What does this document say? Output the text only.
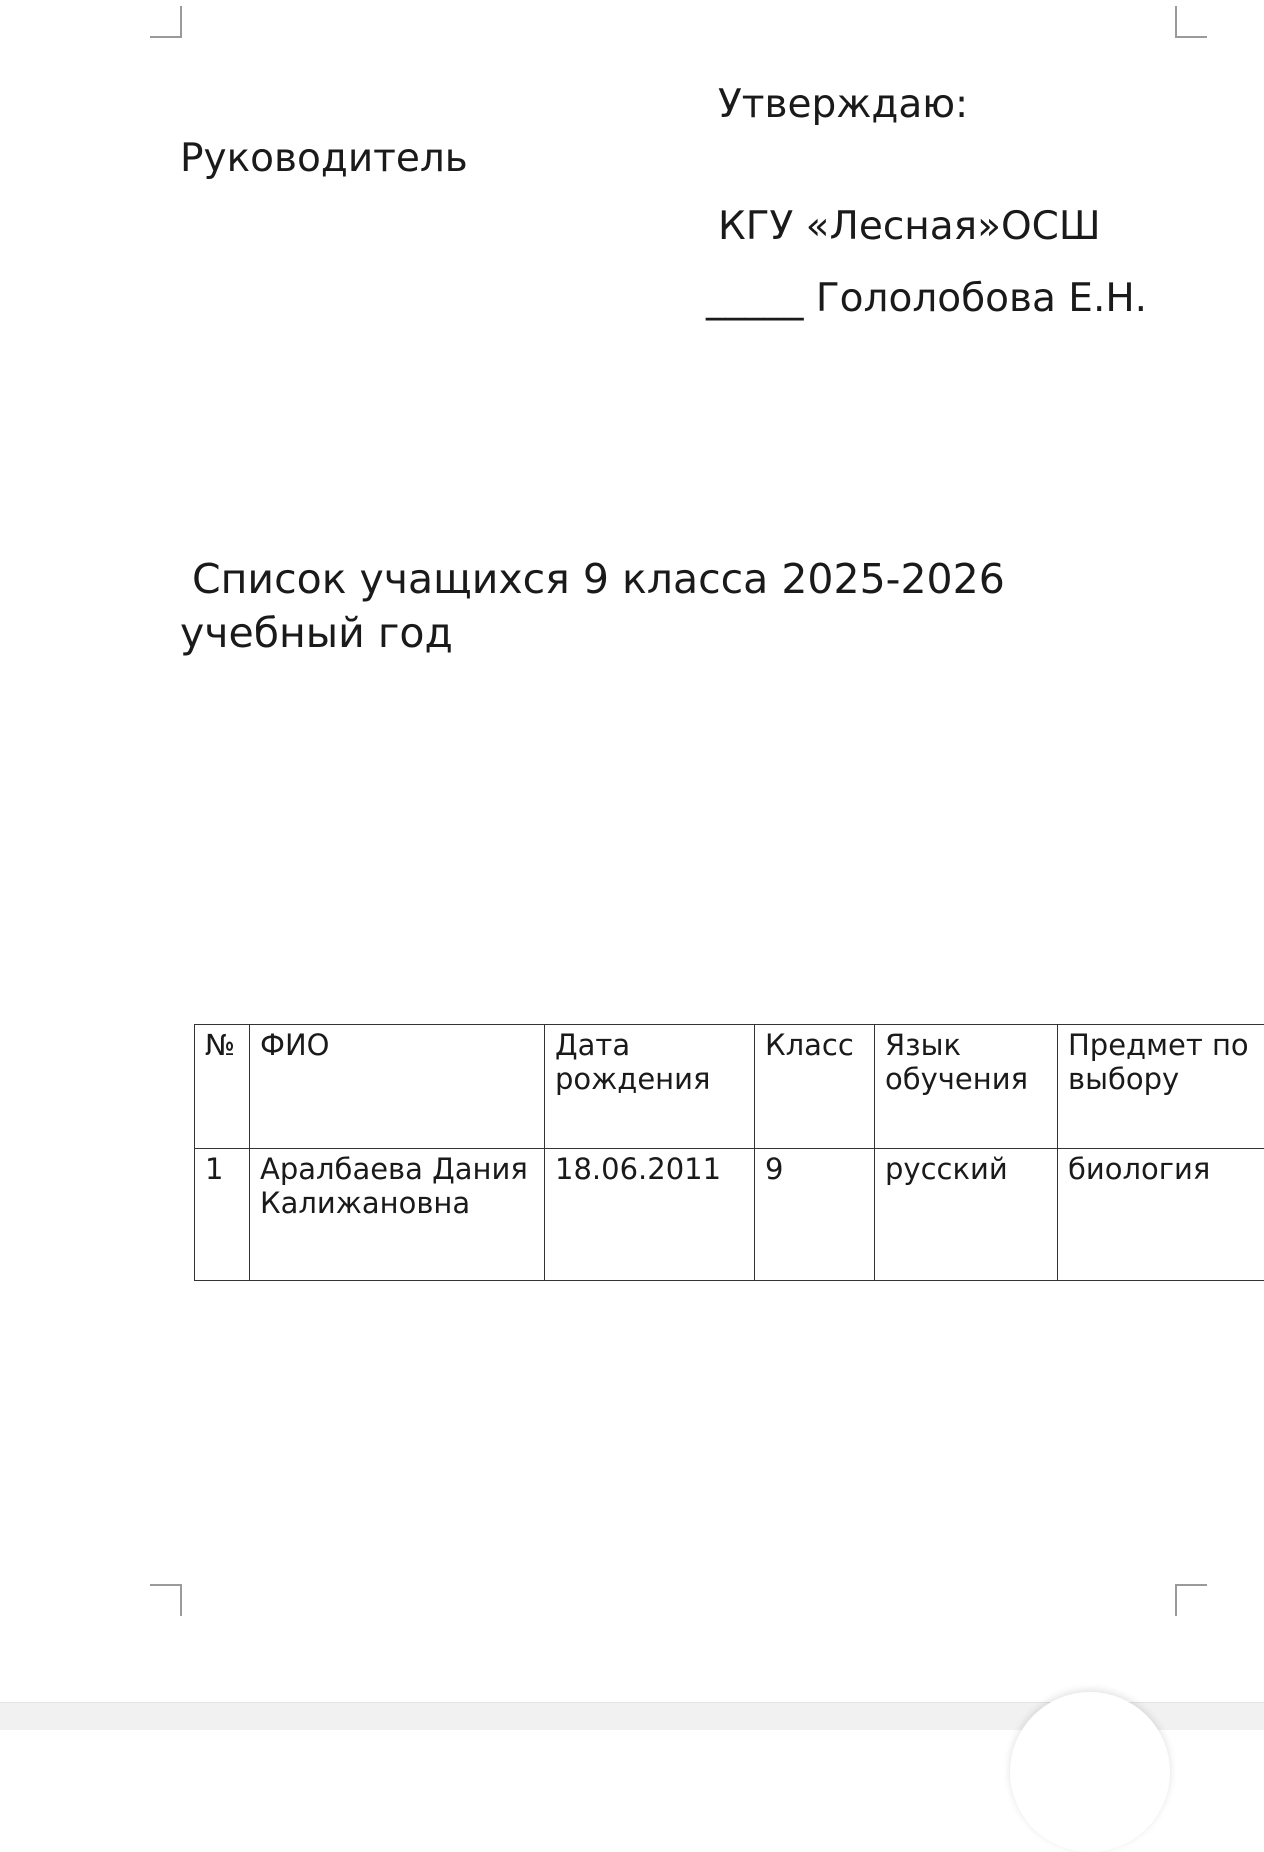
Утверждаю:
Руководитель
КГУ «Лесная»ОСШ
_____ Гололобова Е.Н.
Список учащихся 9 класса 2025-2026 учебный год
№	ФИО	Дата рождения	Класс	Язык обучения	Предмет по выбору
1	Аралбаева Дания Калижановна	18.06.2011	9	русский	биология
